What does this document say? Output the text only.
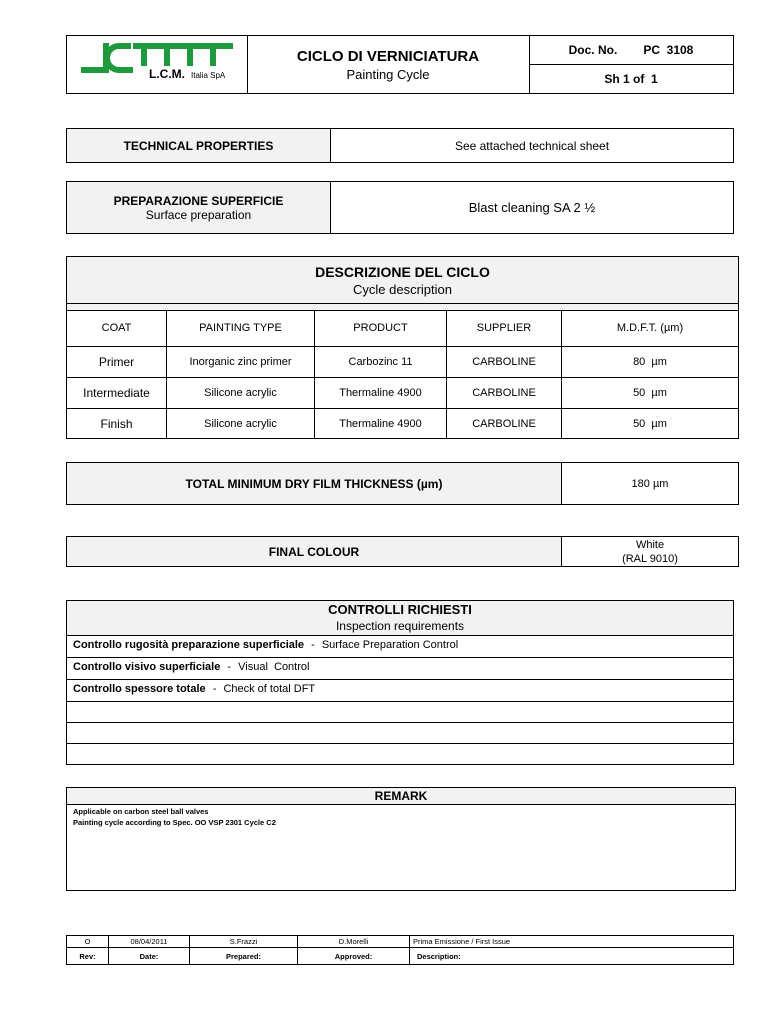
L.C.M. Italia SpA
CICLO DI VERNICIATURA
Painting Cycle
Doc. No. PC  3108
Sh 1 of  1
TECHNICAL PROPERTIES	See attached technical sheet
PREPARAZIONE SUPERFICIE
Surface preparation	Blast cleaning SA 2 ½
DESCRIZIONE DEL CICLO
Cycle description
COAT	PAINTING TYPE	PRODUCT	SUPPLIER	M.D.F.T. (µm)
Primer	Inorganic zinc primer	Carbozinc 11	CARBOLINE	80  µm
Intermediate	Silicone acrylic	Thermaline 4900	CARBOLINE	50  µm
Finish	Silicone acrylic	Thermaline 4900	CARBOLINE	50  µm
TOTAL MINIMUM DRY FILM THICKNESS (µm)	180 µm
FINAL COLOUR	White
(RAL 9010)
CONTROLLI RICHIESTI
Inspection requirements
Controllo rugosità preparazione superficiale - Surface Preparation Control
Controllo visivo superficiale - Visual  Control
Controllo spessore totale - Check of total DFT
REMARK
Applicable on carbon steel ball valves
Painting cycle according to Spec. OO VSP 2301 Cycle C2
O	08/04/2011	S.Frazzi	D.Morelli	Prima Emissione / First Issue
Rev:	Date:	Prepared:	Approved:	Description:
